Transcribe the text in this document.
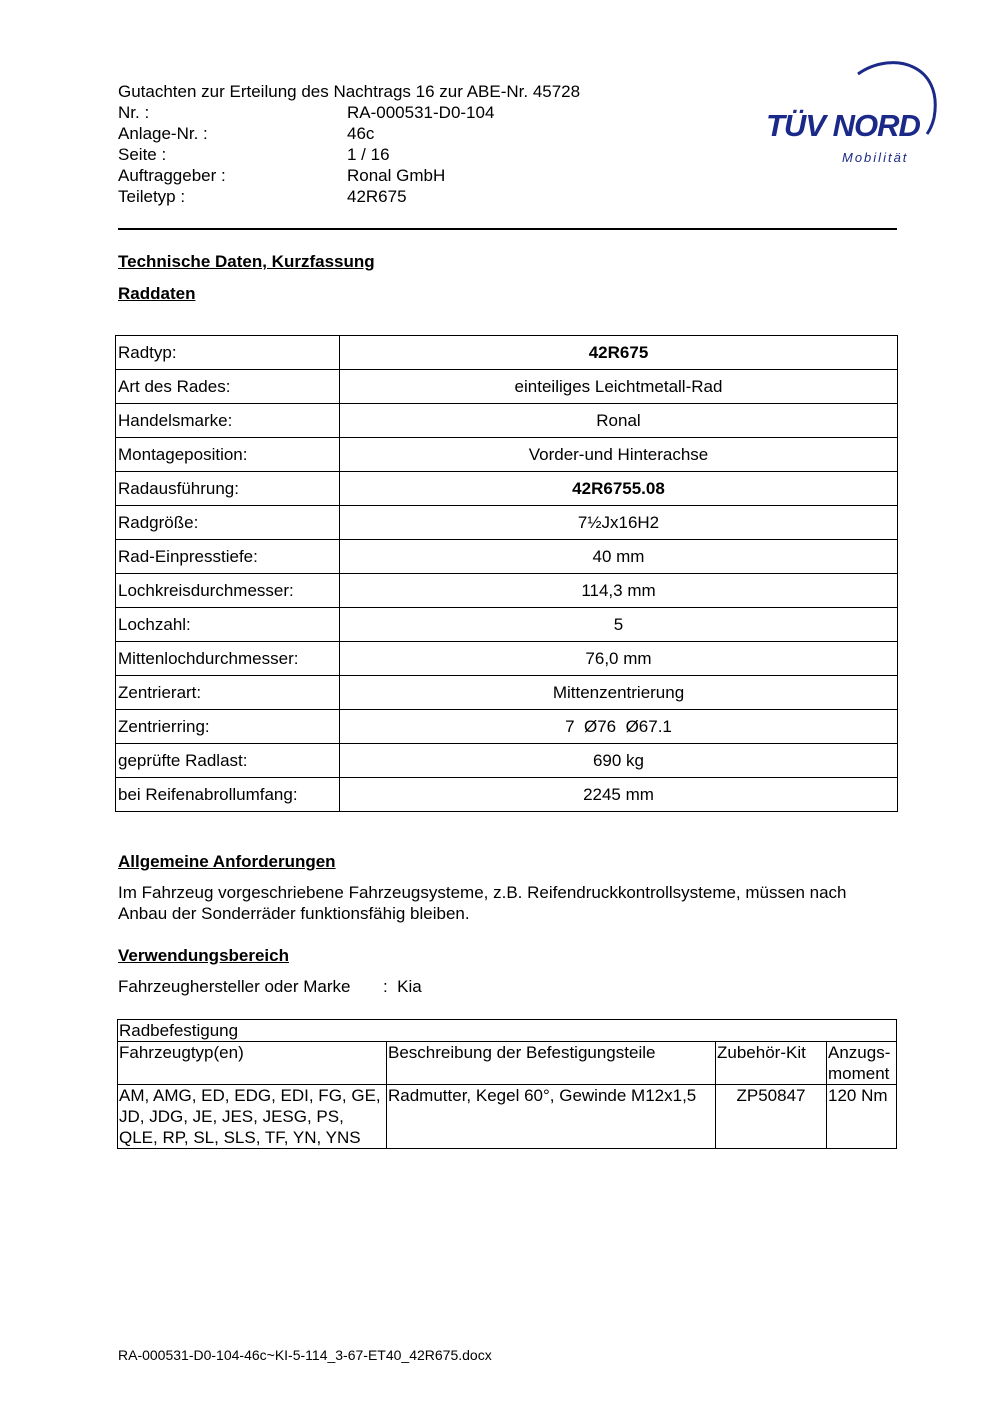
Gutachten zur Erteilung des Nachtrags 16 zur ABE-Nr. 45728
Nr. :	RA-000531-D0-104
Anlage-Nr. :	46c
Seite :	1 / 16
Auftraggeber :	Ronal GmbH
Teiletyp :	42R675
TÜV NORD
Mobilität
Technische Daten, Kurzfassung
Raddaten
Radtyp:	42R675
Art des Rades:	einteiliges Leichtmetall-Rad
Handelsmarke:	Ronal
Montageposition:	Vorder-und Hinterachse
Radausführung:	42R6755.08
Radgröße:	7½Jx16H2
Rad-Einpresstiefe:	40 mm
Lochkreisdurchmesser:	114,3 mm
Lochzahl:	5
Mittenlochdurchmesser:	76,0 mm
Zentrierart:	Mittenzentrierung
Zentrierring:	7  Ø76  Ø67.1
geprüfte Radlast:	690 kg
bei Reifenabrollumfang:	2245 mm
Allgemeine Anforderungen
Im Fahrzeug vorgeschriebene Fahrzeugsysteme, z.B. Reifendruckkontrollsysteme, müssen nach Anbau der Sonderräder funktionsfähig bleiben.
Verwendungsbereich
Fahrzeughersteller oder Marke	:  Kia
Radbefestigung			
Fahrzeugtyp(en)	Beschreibung der Befestigungsteile	Zubehör-Kit	Anzugs-moment
AM, AMG, ED, EDG, EDI, FG, GE, JD, JDG, JE, JES, JESG, PS, QLE, RP, SL, SLS, TF, YN, YNS	Radmutter, Kegel 60°, Gewinde M12x1,5	ZP50847	120 Nm
RA-000531-D0-104-46c~KI-5-114_3-67-ET40_42R675.docx
